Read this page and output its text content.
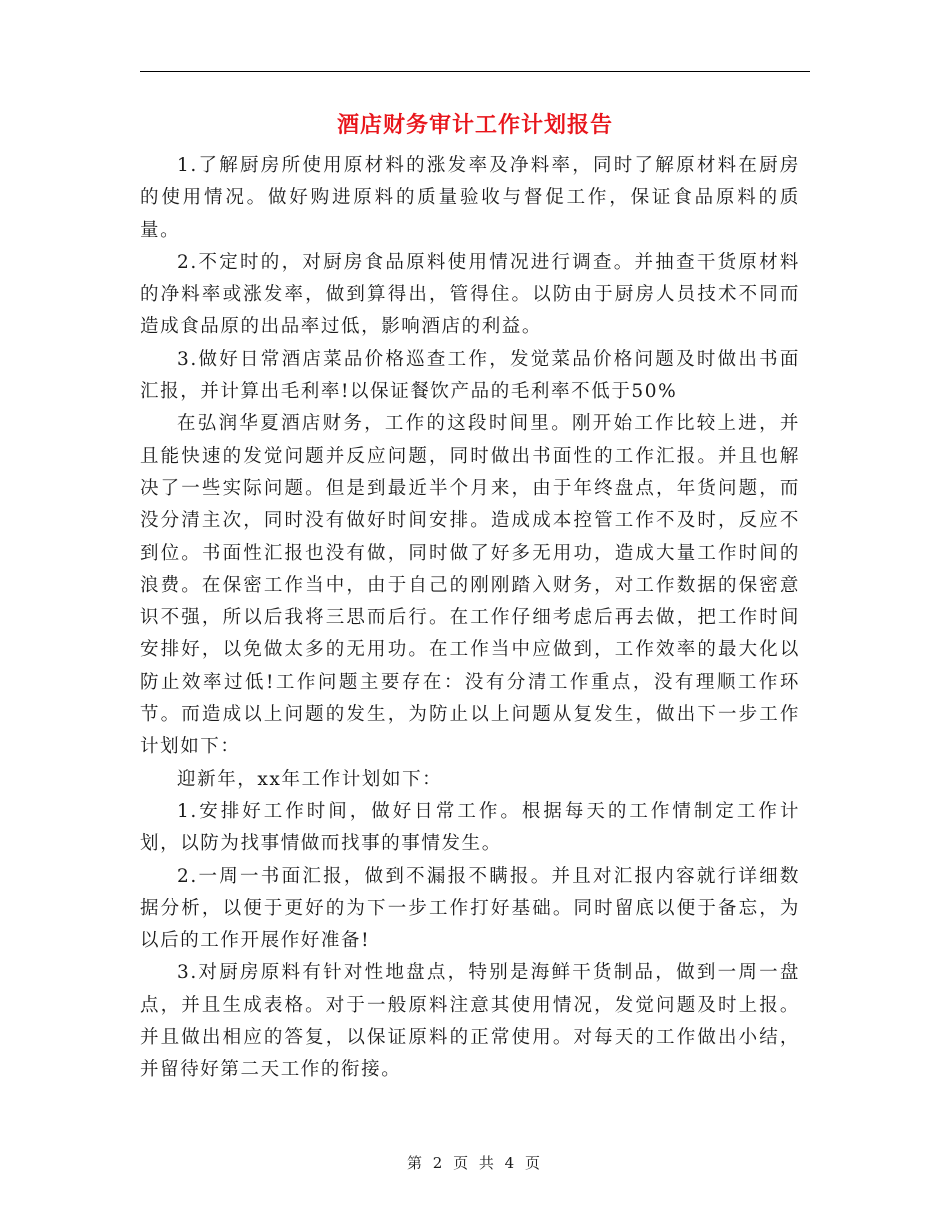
酒店财务审计工作计划报告

1.了解厨房所使用原材料的涨发率及净料率，同时了解原材料在厨房的使用情况。做好购进原料的质量验收与督促工作，保证食品原料的质量。

2.不定时的，对厨房食品原料使用情况进行调查。并抽查干货原材料的净料率或涨发率，做到算得出，管得住。以防由于厨房人员技术不同而造成食品原的出品率过低，影响酒店的利益。

3.做好日常酒店菜品价格巡查工作，发觉菜品价格问题及时做出书面汇报，并计算出毛利率!以保证餐饮产品的毛利率不低于50%

在弘润华夏酒店财务，工作的这段时间里。刚开始工作比较上进，并且能快速的发觉问题并反应问题，同时做出书面性的工作汇报。并且也解决了一些实际问题。但是到最近半个月来，由于年终盘点，年货问题，而没分清主次，同时没有做好时间安排。造成成本控管工作不及时，反应不到位。书面性汇报也没有做，同时做了好多无用功，造成大量工作时间的浪费。在保密工作当中，由于自己的刚刚踏入财务，对工作数据的保密意识不强，所以后我将三思而后行。在工作仔细考虑后再去做，把工作时间安排好，以免做太多的无用功。在工作当中应做到，工作效率的最大化以防止效率过低!工作问题主要存在：没有分清工作重点，没有理顺工作环节。而造成以上问题的发生，为防止以上问题从复发生，做出下一步工作计划如下：

迎新年，xx年工作计划如下：

1.安排好工作时间，做好日常工作。根据每天的工作情制定工作计划，以防为找事情做而找事的事情发生。

2.一周一书面汇报，做到不漏报不瞒报。并且对汇报内容就行详细数据分析，以便于更好的为下一步工作打好基础。同时留底以便于备忘，为以后的工作开展作好准备!

3.对厨房原料有针对性地盘点，特别是海鲜干货制品，做到一周一盘点，并且生成表格。对于一般原料注意其使用情况，发觉问题及时上报。并且做出相应的答复，以保证原料的正常使用。对每天的工作做出小结，并留待好第二天工作的衔接。

第 2 页 共 4 页
